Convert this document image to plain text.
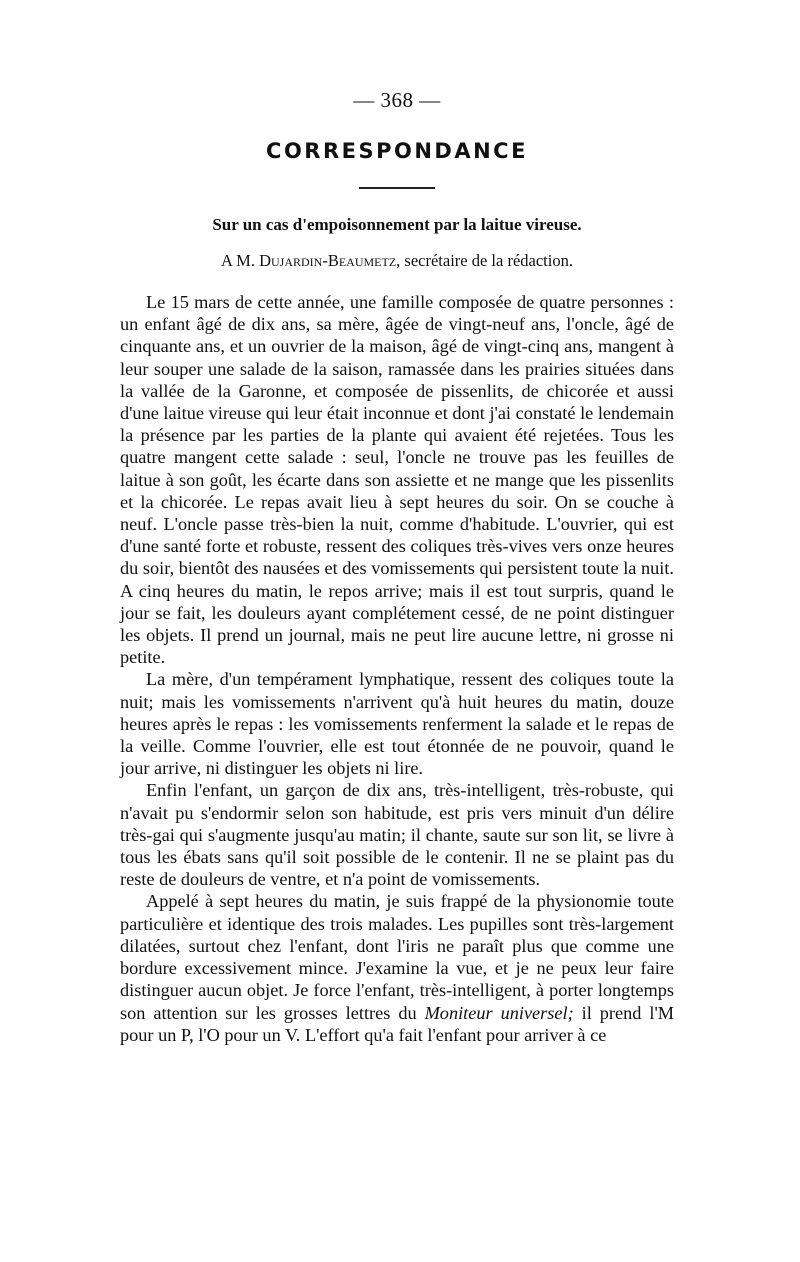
— 368 —
CORRESPONDANCE
Sur un cas d'empoisonnement par la laitue vireuse.
A M. Dujardin-Beaumetz, secrétaire de la rédaction.

Le 15 mars de cette année, une famille composée de quatre personnes : un enfant âgé de dix ans, sa mère, âgée de vingt-neuf ans, l'oncle, âgé de cinquante ans, et un ouvrier de la maison, âgé de vingt-cinq ans, mangent à leur souper une salade de la saison, ramassée dans les prairies situées dans la vallée de la Garonne, et composée de pissenlits, de chicorée et aussi d'une laitue vireuse qui leur était inconnue et dont j'ai constaté le lendemain la présence par les parties de la plante qui avaient été rejetées. Tous les quatre mangent cette salade : seul, l'oncle ne trouve pas les feuilles de laitue à son goût, les écarte dans son assiette et ne mange que les pissenlits et la chicorée. Le repas avait lieu à sept heures du soir. On se couche à neuf. L'oncle passe très-bien la nuit, comme d'habitude. L'ouvrier, qui est d'une santé forte et robuste, ressent des coliques très-vives vers onze heures du soir, bientôt des nausées et des vomissements qui persistent toute la nuit. A cinq heures du matin, le repos arrive; mais il est tout surpris, quand le jour se fait, les douleurs ayant complétement cessé, de ne point distinguer les objets. Il prend un journal, mais ne peut lire aucune lettre, ni grosse ni petite.

La mère, d'un tempérament lymphatique, ressent des coliques toute la nuit; mais les vomissements n'arrivent qu'à huit heures du matin, douze heures après le repas : les vomissements renferment la salade et le repas de la veille. Comme l'ouvrier, elle est tout étonnée de ne pouvoir, quand le jour arrive, ni distinguer les objets ni lire.

Enfin l'enfant, un garçon de dix ans, très-intelligent, très-robuste, qui n'avait pu s'endormir selon son habitude, est pris vers minuit d'un délire très-gai qui s'augmente jusqu'au matin; il chante, saute sur son lit, se livre à tous les ébats sans qu'il soit possible de le contenir. Il ne se plaint pas du reste de douleurs de ventre, et n'a point de vomissements.

Appelé à sept heures du matin, je suis frappé de la physionomie toute particulière et identique des trois malades. Les pupilles sont très-largement dilatées, surtout chez l'enfant, dont l'iris ne paraît plus que comme une bordure excessivement mince. J'examine la vue, et je ne peux leur faire distinguer aucun objet. Je force l'enfant, très-intelligent, à porter longtemps son attention sur les grosses lettres du Moniteur universel; il prend l'M pour un P, l'O pour un V. L'effort qu'a fait l'enfant pour arriver à ce
